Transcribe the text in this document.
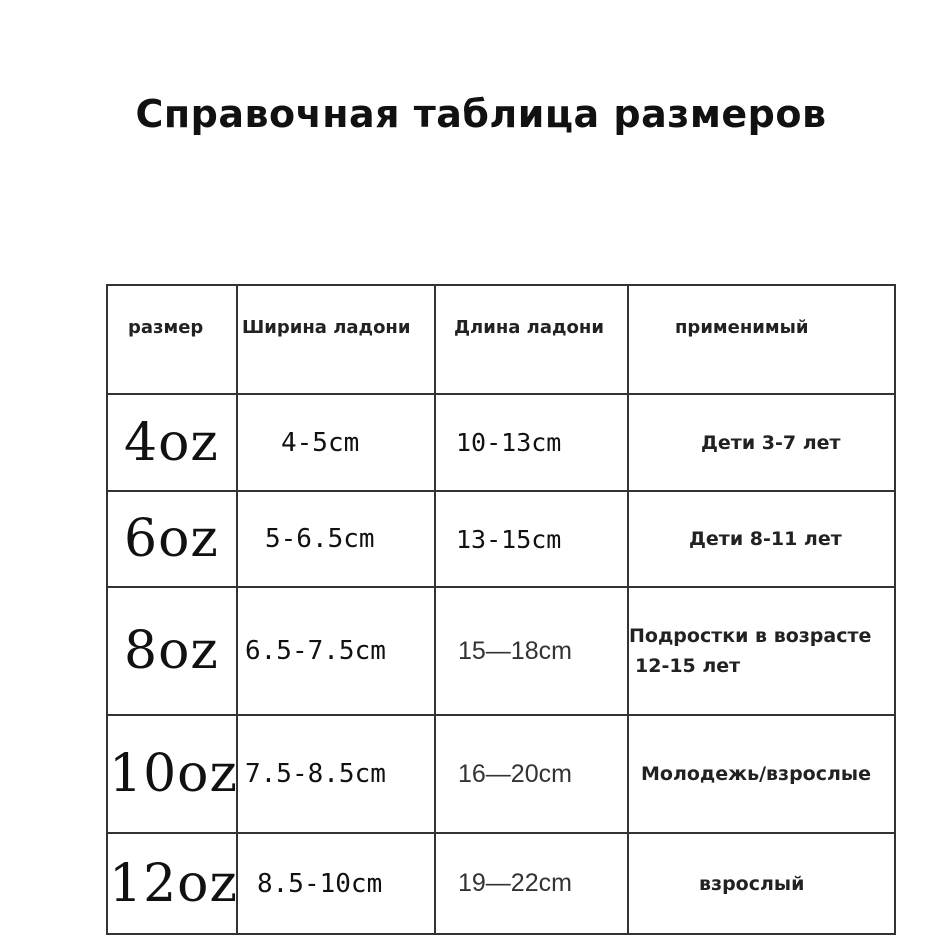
Справочная таблица размеров
размер	Ширина ладони	Длина ладони	применимый
4oz	4-5cm	10-13cm	Дети 3-7 лет
6oz	5-6.5cm	13-15cm	Дети 8-11 лет
8oz	6.5-7.5cm	15—18cm	Подростки в возрасте
12-15 лет

10oz	7.5-8.5cm	16—20cm	Молодежь/взрослые
12oz	8.5-10cm	19—22cm	взрослый
